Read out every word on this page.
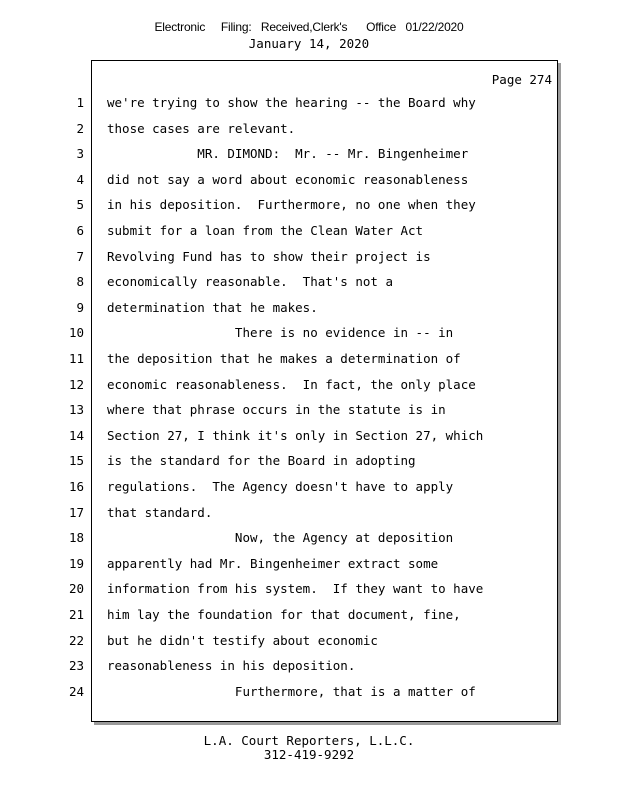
Electronic     Filing:   Received,Clerk's      Office   01/22/2020
January 14, 2020
Page 274
1 we're trying to show the hearing -- the Board why
2 those cases are relevant.
3 MR. DIMOND:  Mr. -- Mr. Bingenheimer
4 did not say a word about economic reasonableness
5 in his deposition.  Furthermore, no one when they
6 submit for a loan from the Clean Water Act
7 Revolving Fund has to show their project is
8 economically reasonable.  That's not a
9 determination that he makes.
10 There is no evidence in -- in
11 the deposition that he makes a determination of
12 economic reasonableness.  In fact, the only place
13 where that phrase occurs in the statute is in
14 Section 27, I think it's only in Section 27, which
15 is the standard for the Board in adopting
16 regulations.  The Agency doesn't have to apply
17 that standard.
18 Now, the Agency at deposition
19 apparently had Mr. Bingenheimer extract some
20 information from his system.  If they want to have
21 him lay the foundation for that document, fine,
22 but he didn't testify about economic
23 reasonableness in his deposition.
24 Furthermore, that is a matter of
L.A. Court Reporters, L.L.C.
312-419-9292
